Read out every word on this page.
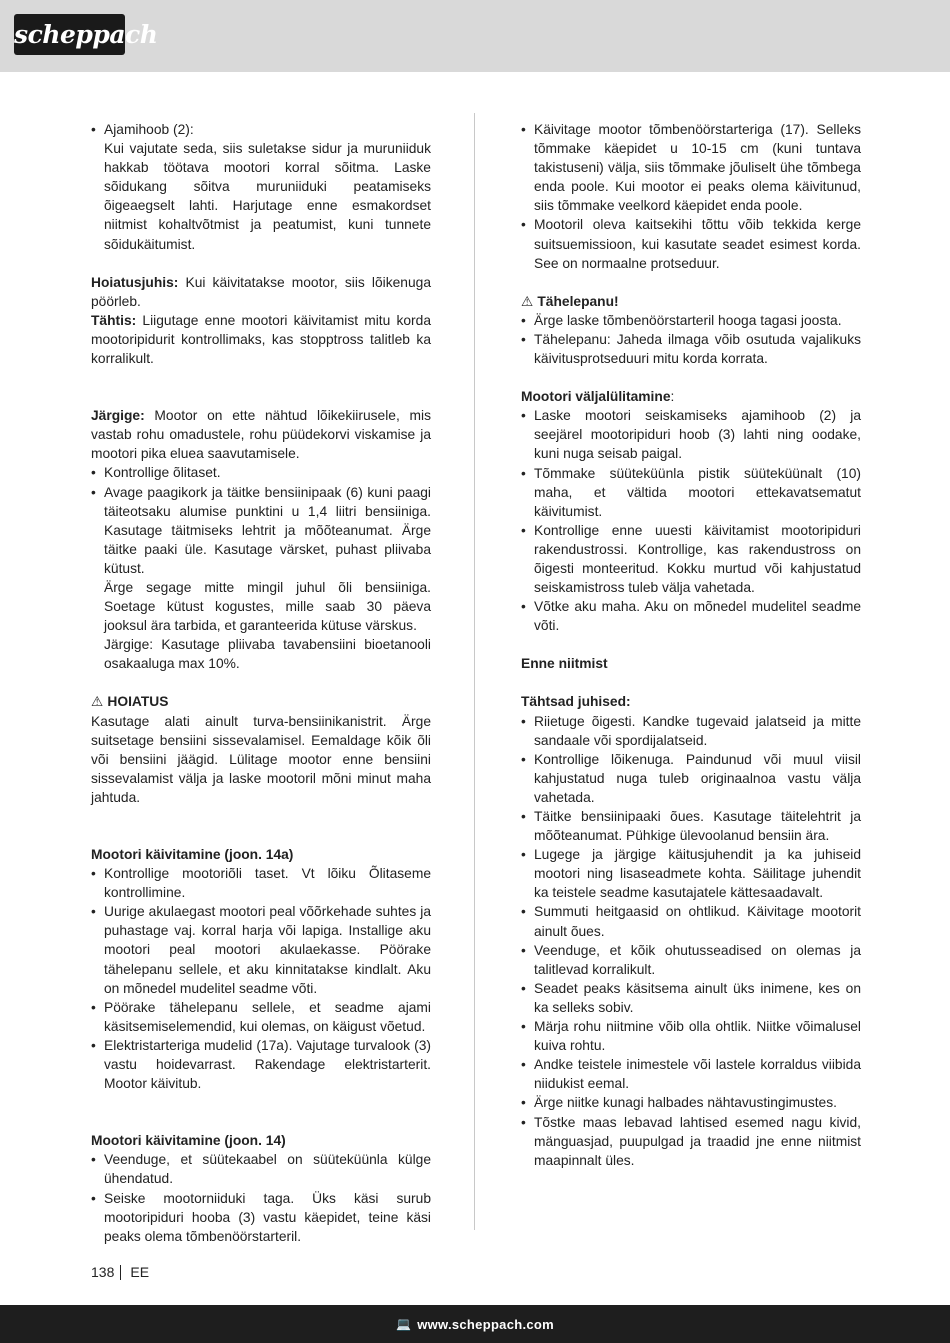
scheppach
• Ajamihoob (2):
Kui vajutate seda, siis suletakse sidur ja muruniiduk hakkab töötava mootori korral sõitma. Laske sõidukang sõitva muruniiduki peatamiseks õigeaegselt lahti. Harjutage enne esmakordset niitmist kohaltvõtmist ja peatumist, kuni tunnete sõidukäitumist.

Hoiatusjuhis: Kui käivitatakse mootor, siis lõikenuga pöörleb.

Tähtis: Liigutage enne mootori käivitamist mitu korda mootoripidurit kontrollimaks, kas stopptross talitleb ka korralikult.

Järgige: Mootor on ette nähtud lõikekiirusele, mis vastab rohu omadustele, rohu püüdekorvi viskamise ja mootori pika eluea saavutamisele.

• Kontrollige õlitaset.
• Avage paagikork ja täitke bensiinipaak (6) kuni paagi täiteotsaku alumise punktini u 1,4 liitri bensiiniga. Kasutage täitmiseks lehtrit ja mõõteanumat. Ärge täitke paaki üle. Kasutage värsket, puhast pliivaba kütust.
Ärge segage mitte mingil juhul õli bensiiniga. Soetage kütust kogustes, mille saab 30 päeva jooksul ära tarbida, et garanteerida kütuse värskus.
Järgige: Kasutage pliivaba tavabensiini bioetanooli osakaaluga max 10%.

⚠ HOIATUS

Kasutage alati ainult turva-bensiinikanistrit. Ärge suitsetage bensiini sissevalamisel. Eemaldage kõik õli või bensiini jäägid. Lülitage mootor enne bensiini sissevalamist välja ja laske mootoril mõni minut maha jahtuda.

Mootori käivitamine (joon. 14a)

• Kontrollige mootoriõli taset. Vt lõiku Õlitaseme kontrollimine.
• Uurige akulaegast mootori peal võõrkehade suhtes ja puhastage vaj. korral harja või lapiga. Installige aku mootori peal mootori akulaekasse. Pöörake tähelepanu sellele, et aku kinnitatakse kindlalt. Aku on mõnedel mudelitel seadme võti.
• Pöörake tähelepanu sellele, et seadme ajami käsitsemiselemendid, kui olemas, on käigust võetud.
• Elektristarteriga mudelid (17a). Vajutage turvalook (3) vastu hoidevarrast. Rakendage elektristarterit. Mootor käivitub.

Mootori käivitamine (joon. 14)

• Veenduge, et süütekaabel on süüteküünla külge ühendatud.
• Seiske mootorniiduki taga. Üks käsi surub mootoripiduri hooba (3) vastu käepidet, teine käsi peaks olema tõmbenöörstarteril.
• Käivitage mootor tõmbenöörstarteriga (17). Selleks tõmmake käepidet u 10-15 cm (kuni tuntava takistuseni) välja, siis tõmmake jõuliselt ühe tõmbega enda poole. Kui mootor ei peaks olema käivitunud, siis tõmmake veelkord käepidet enda poole.
• Mootoril oleva kaitsekihi tõttu võib tekkida kerge suitsuemissioon, kui kasutate seadet esimest korda. See on normaalne protseduur.

⚠ Tähelepanu!

• Ärge laske tõmbenöörstarteril hooga tagasi joosta.
• Tähelepanu: Jaheda ilmaga võib osutuda vajalikuks käivitusprotseduuri mitu korda korrata.

Mootori väljalülitamine:

• Laske mootori seiskamiseks ajamihoob (2) ja seejärel mootoripiduri hoob (3) lahti ning oodake, kuni nuga seisab paigal.
• Tõmmake süüteküünla pistik süüteküünalt (10) maha, et vältida mootori ettekavatsematut käivitumist.
• Kontrollige enne uuesti käivitamist mootoripiduri rakendustrossi. Kontrollige, kas rakendustross on õigesti monteeritud. Kokku murtud või kahjustatud seiskamistross tuleb välja vahetada.
• Võtke aku maha. Aku on mõnedel mudelitel seadme võti.

Enne niitmist

Tähtsad juhised:

• Riietuge õigesti. Kandke tugevaid jalatseid ja mitte sandaale või spordijalatseid.
• Kontrollige lõikenuga. Paindunud või muul viisil kahjustatud nuga tuleb originaalnoa vastu välja vahetada.
• Täitke bensiinipaaki õues. Kasutage täitelehtrit ja mõõteanumat. Pühkige ülevoolanud bensiin ära.
• Lugege ja järgige käitusjuhendit ja ka juhiseid mootori ning lisaseadmete kohta. Säilitage juhendit ka teistele seadme kasutajatele kättesaadavalt.
• Summuti heitgaasid on ohtlikud. Käivitage mootorit ainult õues.
• Veenduge, et kõik ohutusseadised on olemas ja talitlevad korralikult.
• Seadet peaks käsitsema ainult üks inimene, kes on ka selleks sobiv.
• Märja rohu niitmine võib olla ohtlik. Niitke võimalusel kuiva rohtu.
• Andke teistele inimestele või lastele korraldus viibida niidukist eemal.
• Ärge niitke kunagi halbades nähtavustingimustes.
• Tõstke maas lebavad lahtised esemed nagu kivid, mänguasjad, puupulgad ja traadid jne enne niitmist maapinnalt üles.
138 EE
💻 www.scheppach.com
